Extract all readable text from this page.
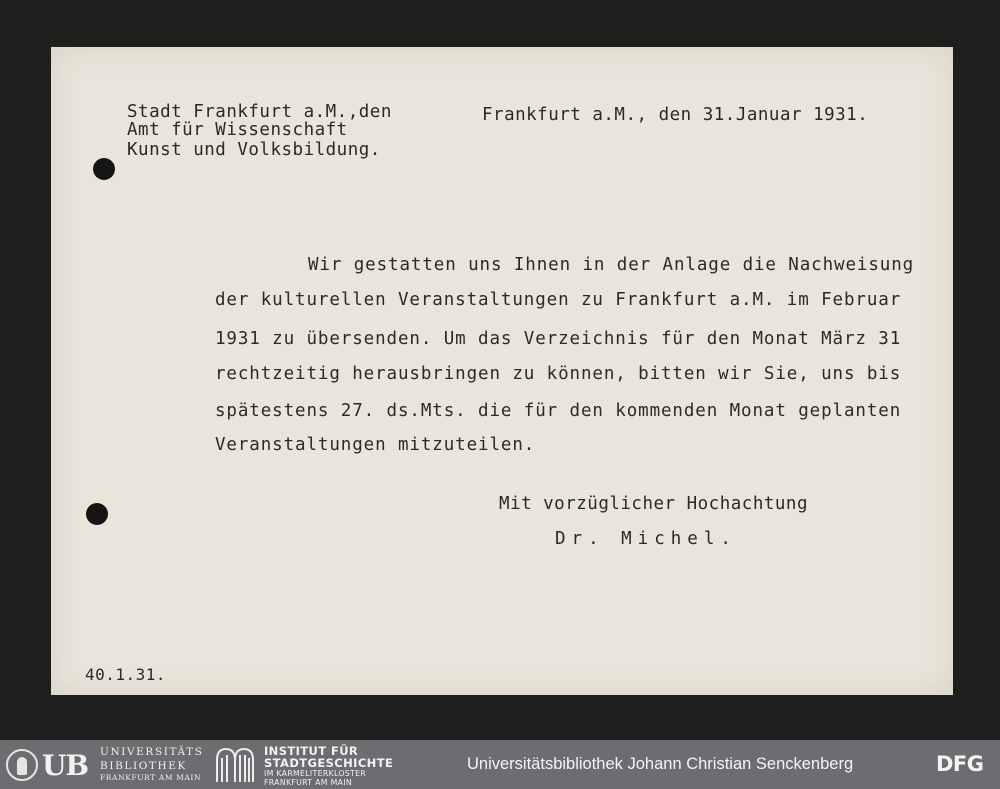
Stadt Frankfurt a.M.,den
Amt für Wissenschaft
Kunst und Volksbildung.
Frankfurt a.M., den 31.Januar 1931.
Wir gestatten uns Ihnen in der Anlage die Nachweisung
der kulturellen Veranstaltungen zu Frankfurt a.M. im Februar
1931 zu übersenden. Um das Verzeichnis für den Monat März 31
rechtzeitig herausbringen zu können, bitten wir Sie, uns bis
spätestens 27. ds.Mts. die für den kommenden Monat geplanten
Veranstaltungen mitzuteilen.
Mit vorzüglicher Hochachtung
Dr. Michel.
40.1.31.
UB UNIVERSITÄTS
BIBLIOTHEK
FRANKFURT AM MAIN
INSTITUT FÜR
STADTGESCHICHTE
IM KARMELITERKLOSTER
FRANKFURT AM MAIN
Universitätsbibliothek Johann Christian Senckenberg	DFG
